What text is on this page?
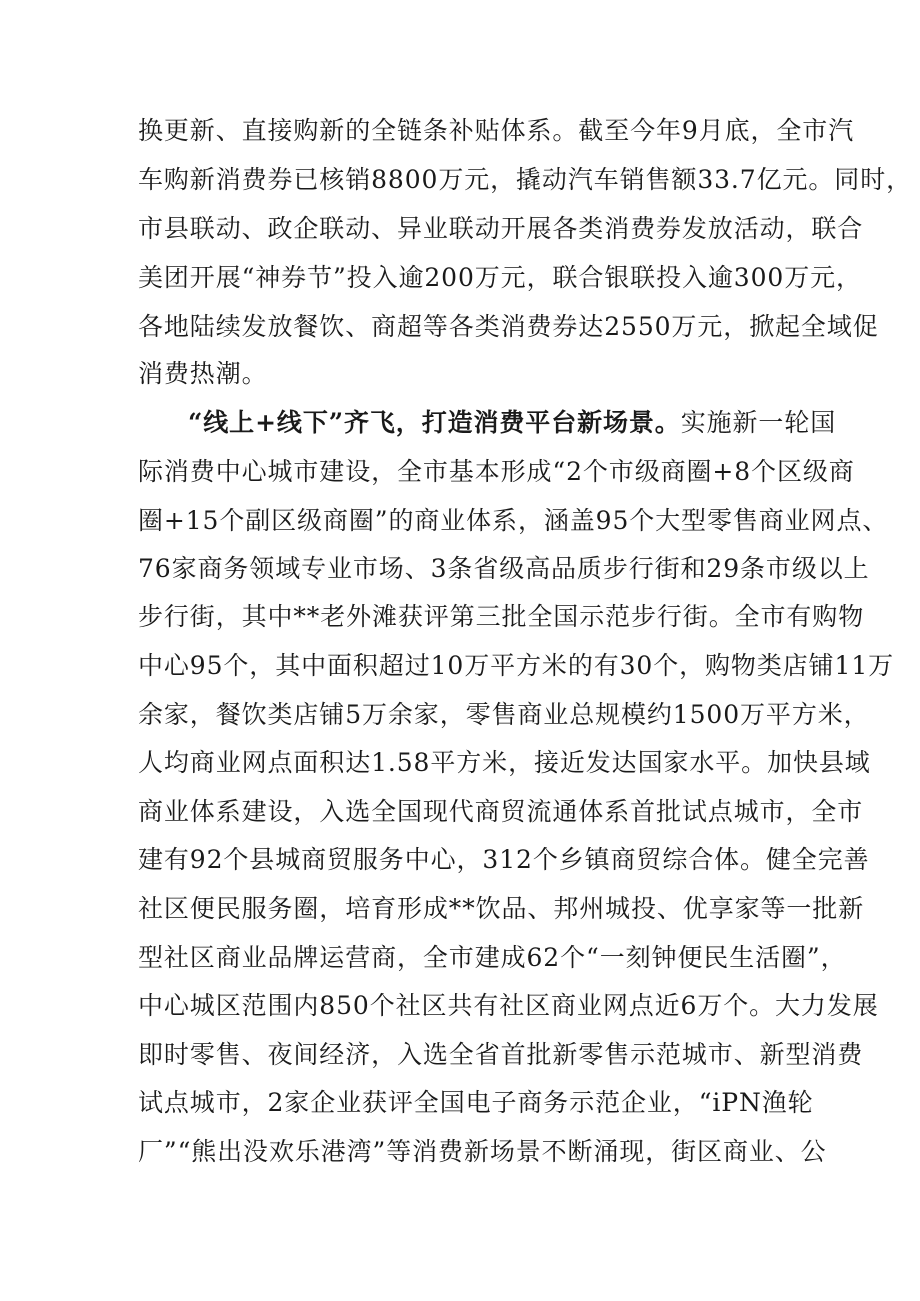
换更新、直接购新的全链条补贴体系。截至今年9月底，全市汽
车购新消费券已核销8800万元，撬动汽车销售额33.7亿元。同时，
市县联动、政企联动、异业联动开展各类消费券发放活动，联合
美团开展“神券节”投入逾200万元，联合银联投入逾300万元，
各地陆续发放餐饮、商超等各类消费券达2550万元，掀起全域促
消费热潮。
“线上+线下”齐飞，打造消费平台新场景。实施新一轮国
际消费中心城市建设，全市基本形成“2个市级商圈+8个区级商
圈+15个副区级商圈”的商业体系，涵盖95个大型零售商业网点、
76家商务领域专业市场、3条省级高品质步行街和29条市级以上
步行街，其中**老外滩获评第三批全国示范步行街。全市有购物
中心95个，其中面积超过10万平方米的有30个，购物类店铺11万
余家，餐饮类店铺5万余家，零售商业总规模约1500万平方米，
人均商业网点面积达1.58平方米，接近发达国家水平。加快县域
商业体系建设，入选全国现代商贸流通体系首批试点城市，全市
建有92个县城商贸服务中心，312个乡镇商贸综合体。健全完善
社区便民服务圈，培育形成**饮品、邦州城投、优享家等一批新
型社区商业品牌运营商，全市建成62个“一刻钟便民生活圈”，
中心城区范围内850个社区共有社区商业网点近6万个。大力发展
即时零售、夜间经济，入选全省首批新零售示范城市、新型消费
试点城市，2家企业获评全国电子商务示范企业，“iPN渔轮
厂”“熊出没欢乐港湾”等消费新场景不断涌现，街区商业、公
